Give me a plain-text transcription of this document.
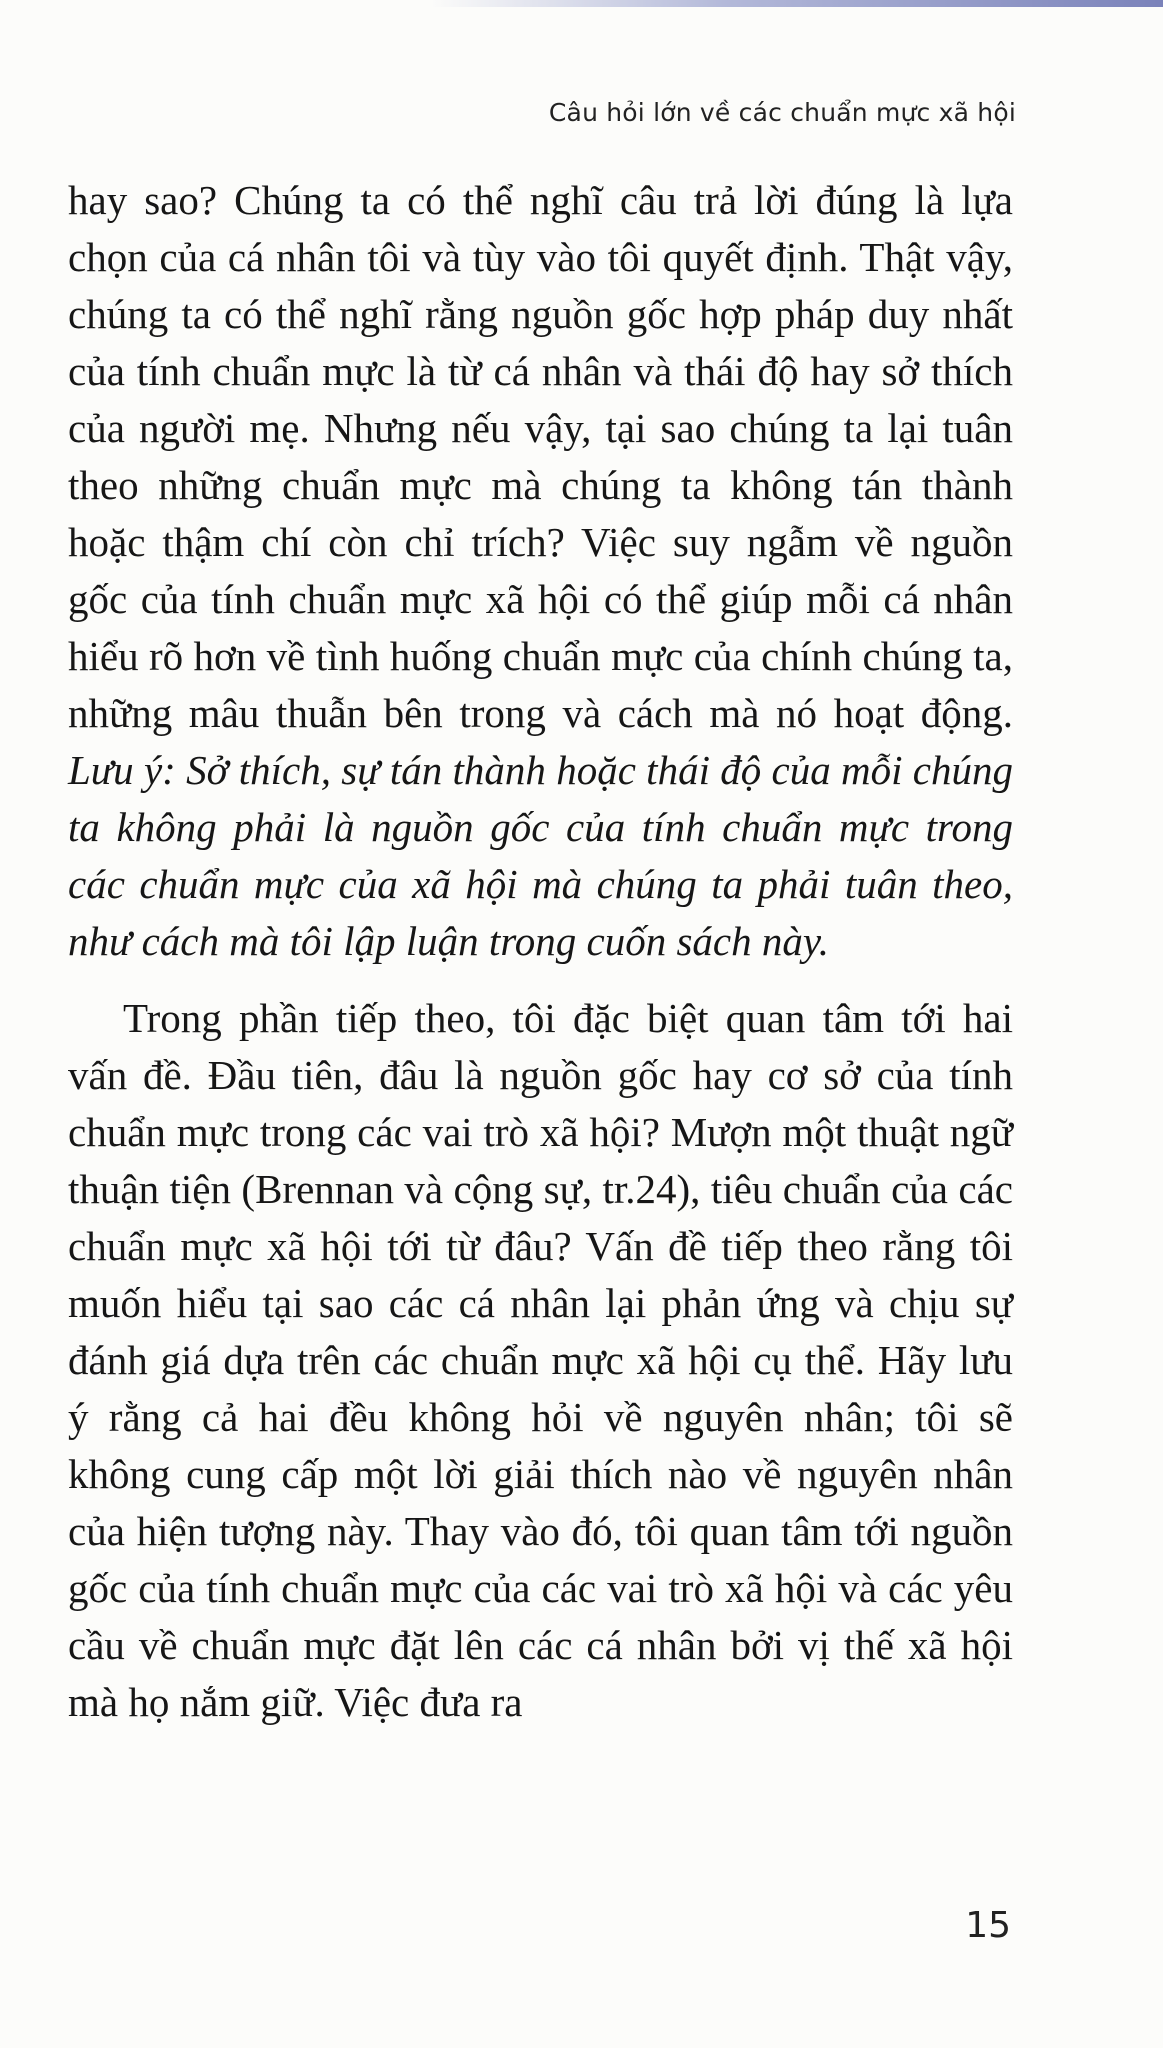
Câu hỏi lớn về các chuẩn mực xã hội

hay sao? Chúng ta có thể nghĩ câu trả lời đúng là lựa chọn của cá nhân tôi và tùy vào tôi quyết định. Thật vậy, chúng ta có thể nghĩ rằng nguồn gốc hợp pháp duy nhất của tính chuẩn mực là từ cá nhân và thái độ hay sở thích của người mẹ. Nhưng nếu vậy, tại sao chúng ta lại tuân theo những chuẩn mực mà chúng ta không tán thành hoặc thậm chí còn chỉ trích? Việc suy ngẫm về nguồn gốc của tính chuẩn mực xã hội có thể giúp mỗi cá nhân hiểu rõ hơn về tình huống chuẩn mực của chính chúng ta, những mâu thuẫn bên trong và cách mà nó hoạt động. Lưu ý: Sở thích, sự tán thành hoặc thái độ của mỗi chúng ta không phải là nguồn gốc của tính chuẩn mực trong các chuẩn mực của xã hội mà chúng ta phải tuân theo, như cách mà tôi lập luận trong cuốn sách này.

Trong phần tiếp theo, tôi đặc biệt quan tâm tới hai vấn đề. Đầu tiên, đâu là nguồn gốc hay cơ sở của tính chuẩn mực trong các vai trò xã hội? Mượn một thuật ngữ thuận tiện (Brennan và cộng sự, tr.24), tiêu chuẩn của các chuẩn mực xã hội tới từ đâu? Vấn đề tiếp theo rằng tôi muốn hiểu tại sao các cá nhân lại phản ứng và chịu sự đánh giá dựa trên các chuẩn mực xã hội cụ thể. Hãy lưu ý rằng cả hai đều không hỏi về nguyên nhân; tôi sẽ không cung cấp một lời giải thích nào về nguyên nhân của hiện tượng này. Thay vào đó, tôi quan tâm tới nguồn gốc của tính chuẩn mực của các vai trò xã hội và các yêu cầu về chuẩn mực đặt lên các cá nhân bởi vị thế xã hội mà họ nắm giữ. Việc đưa ra

15
